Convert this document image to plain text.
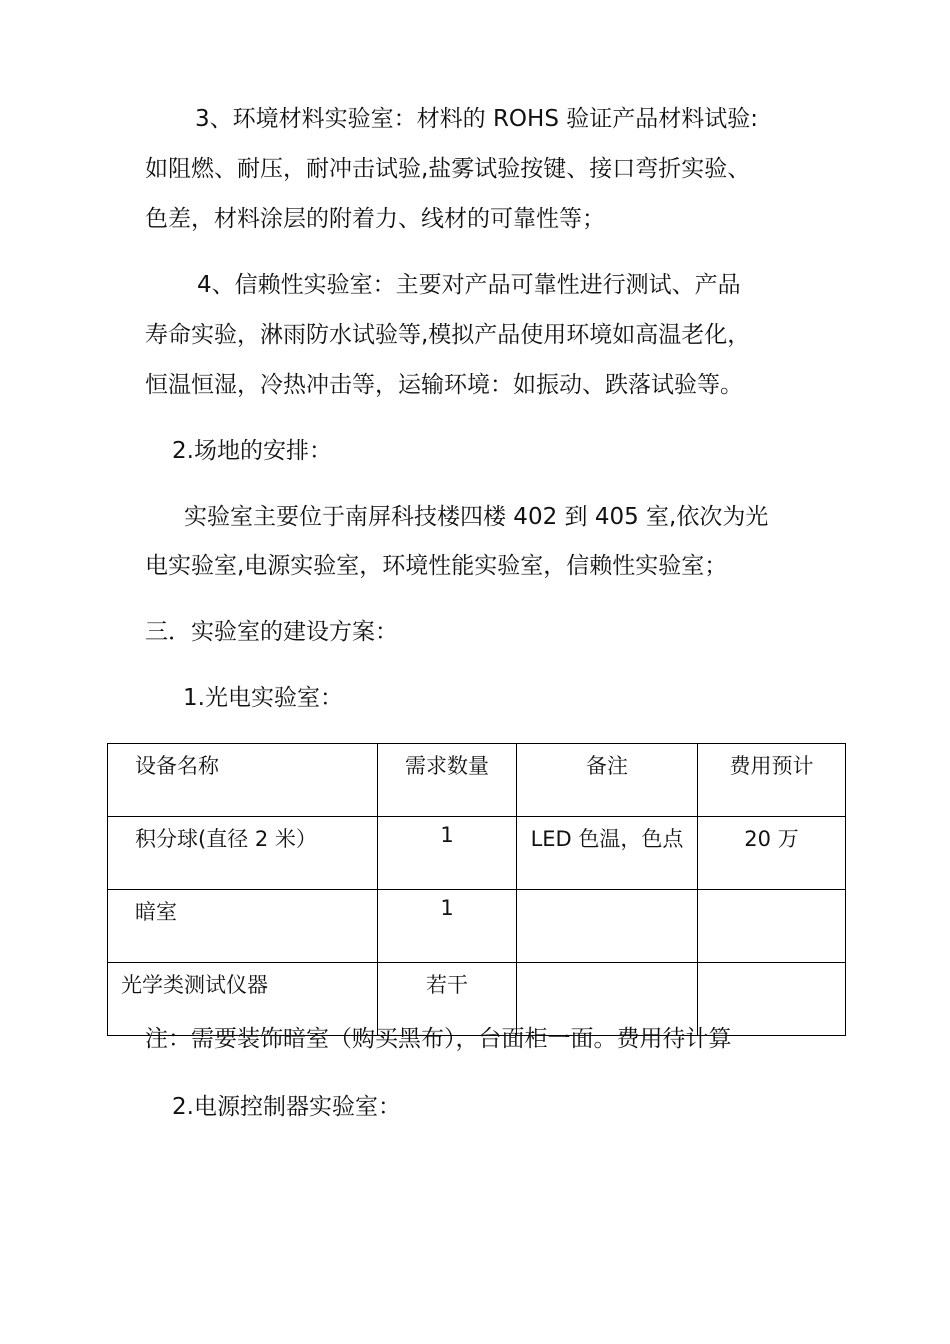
3、环境材料实验室：材料的 ROHS 验证产品材料试验:
如阻燃、耐压，耐冲击试验,盐雾试验按键、接口弯折实验、
色差，材料涂层的附着力、线材的可靠性等；
4、信赖性实验室：主要对产品可靠性进行测试、产品
寿命实验，淋雨防水试验等,模拟产品使用环境如高温老化，
恒温恒湿，冷热冲击等，运输环境：如振动、跌落试验等。
2.场地的安排：
实验室主要位于南屏科技楼四楼 402 到 405 室,依次为光
电实验室,电源实验室，环境性能实验室，信赖性实验室；
三．实验室的建设方案：
1.光电实验室：
设备名称	需求数量	备注	费用预计
积分球(直径 2 米）	1	LED 色温，色点	20 万
暗室	1		
光学类测试仪器	若干		
注：需要装饰暗室（购买黑布），台面柜一面。费用待计算
2.电源控制器实验室：
